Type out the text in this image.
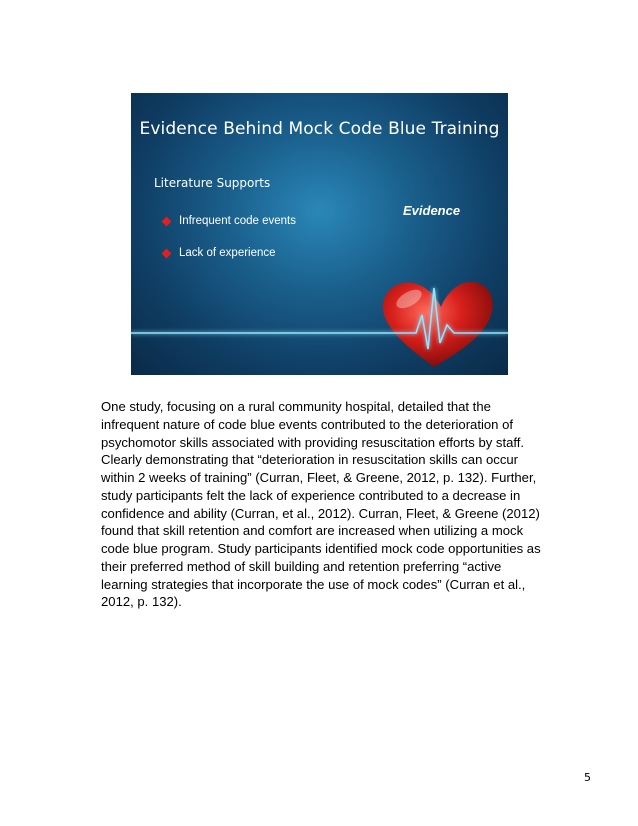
Evidence Behind Mock Code Blue Training
Literature Supports
Evidence
Infrequent code events
Lack of experience
One study, focusing on a rural community hospital, detailed that the infrequent nature of code blue events contributed to the deterioration of psychomotor skills associated with providing resuscitation efforts by staff. Clearly demonstrating that “deterioration in resuscitation skills can occur within 2 weeks of training” (Curran, Fleet, & Greene, 2012, p. 132). Further, study participants felt the lack of experience contributed to a decrease in confidence and ability (Curran, et al., 2012). Curran, Fleet, & Greene (2012) found that skill retention and comfort are increased when utilizing a mock code blue program. Study participants identified mock code opportunities as their preferred method of skill building and retention preferring “active learning strategies that incorporate the use of mock codes” (Curran et al., 2012, p. 132).
5
